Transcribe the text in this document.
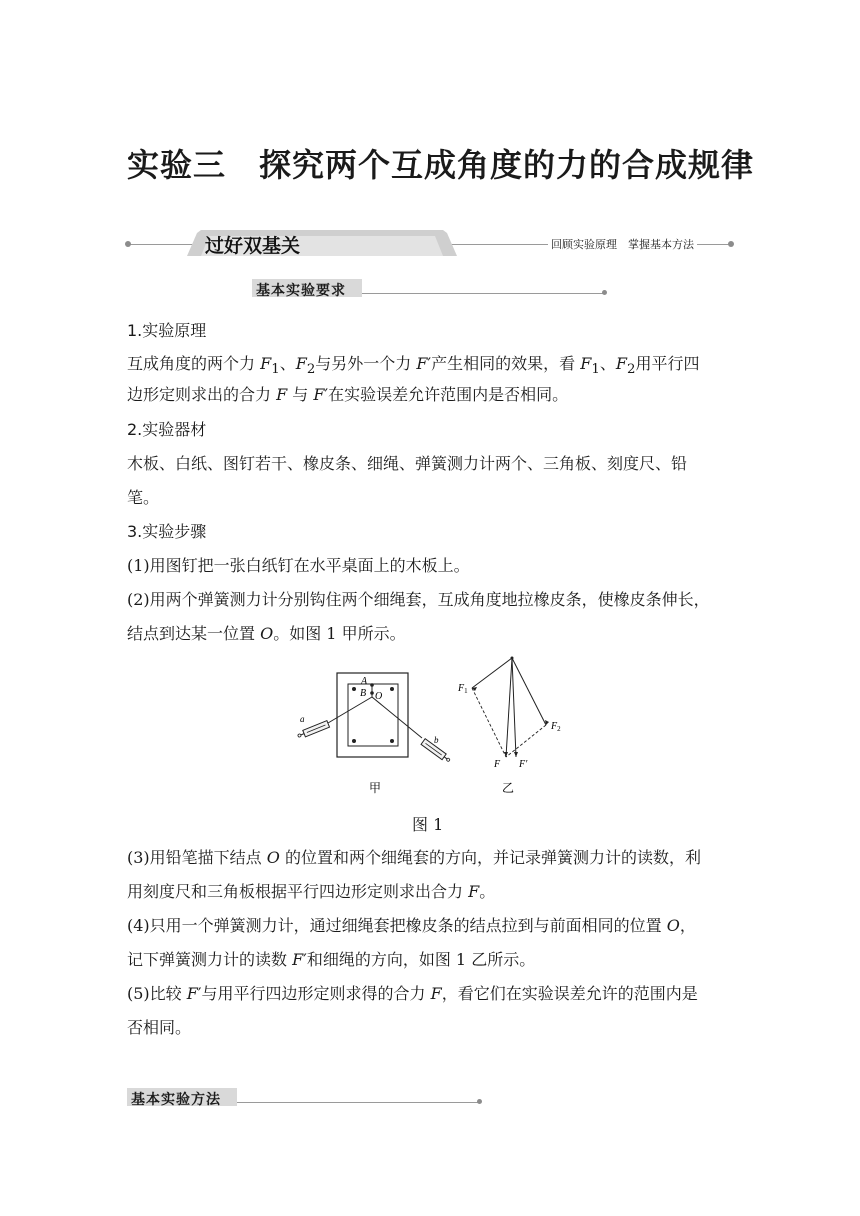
实验三　探究两个互成角度的力的合成规律
过好双基关	回顾实验原理　掌握基本方法
基本实验要求
1.实验原理
互成角度的两个力 $F_1$、$F_2$与另外一个力 F′产生相同的效果，看 $F_1$、$F_2$用平行四
边形定则求出的合力 F 与 F′在实验误差允许范围内是否相同。
2.实验器材
木板、白纸、图钉若干、橡皮条、细绳、弹簧测力计两个、三角板、刻度尺、铅
笔。
3.实验步骤
(1)用图钉把一张白纸钉在水平桌面上的木板上。
(2)用两个弹簧测力计分别钩住两个细绳套，互成角度地拉橡皮条，使橡皮条伸长，
结点到达某一位置 O。如图 1 甲所示。
A
B O
a
b
$F_1$
$F_2$
F F′
甲	乙
图 1
(3)用铅笔描下结点 O 的位置和两个细绳套的方向，并记录弹簧测力计的读数，利
用刻度尺和三角板根据平行四边形定则求出合力 F。
(4)只用一个弹簧测力计，通过细绳套把橡皮条的结点拉到与前面相同的位置 O，
记下弹簧测力计的读数 F′和细绳的方向，如图 1 乙所示。
(5)比较 F′与用平行四边形定则求得的合力 F，看它们在实验误差允许的范围内是
否相同。
基本实验方法
